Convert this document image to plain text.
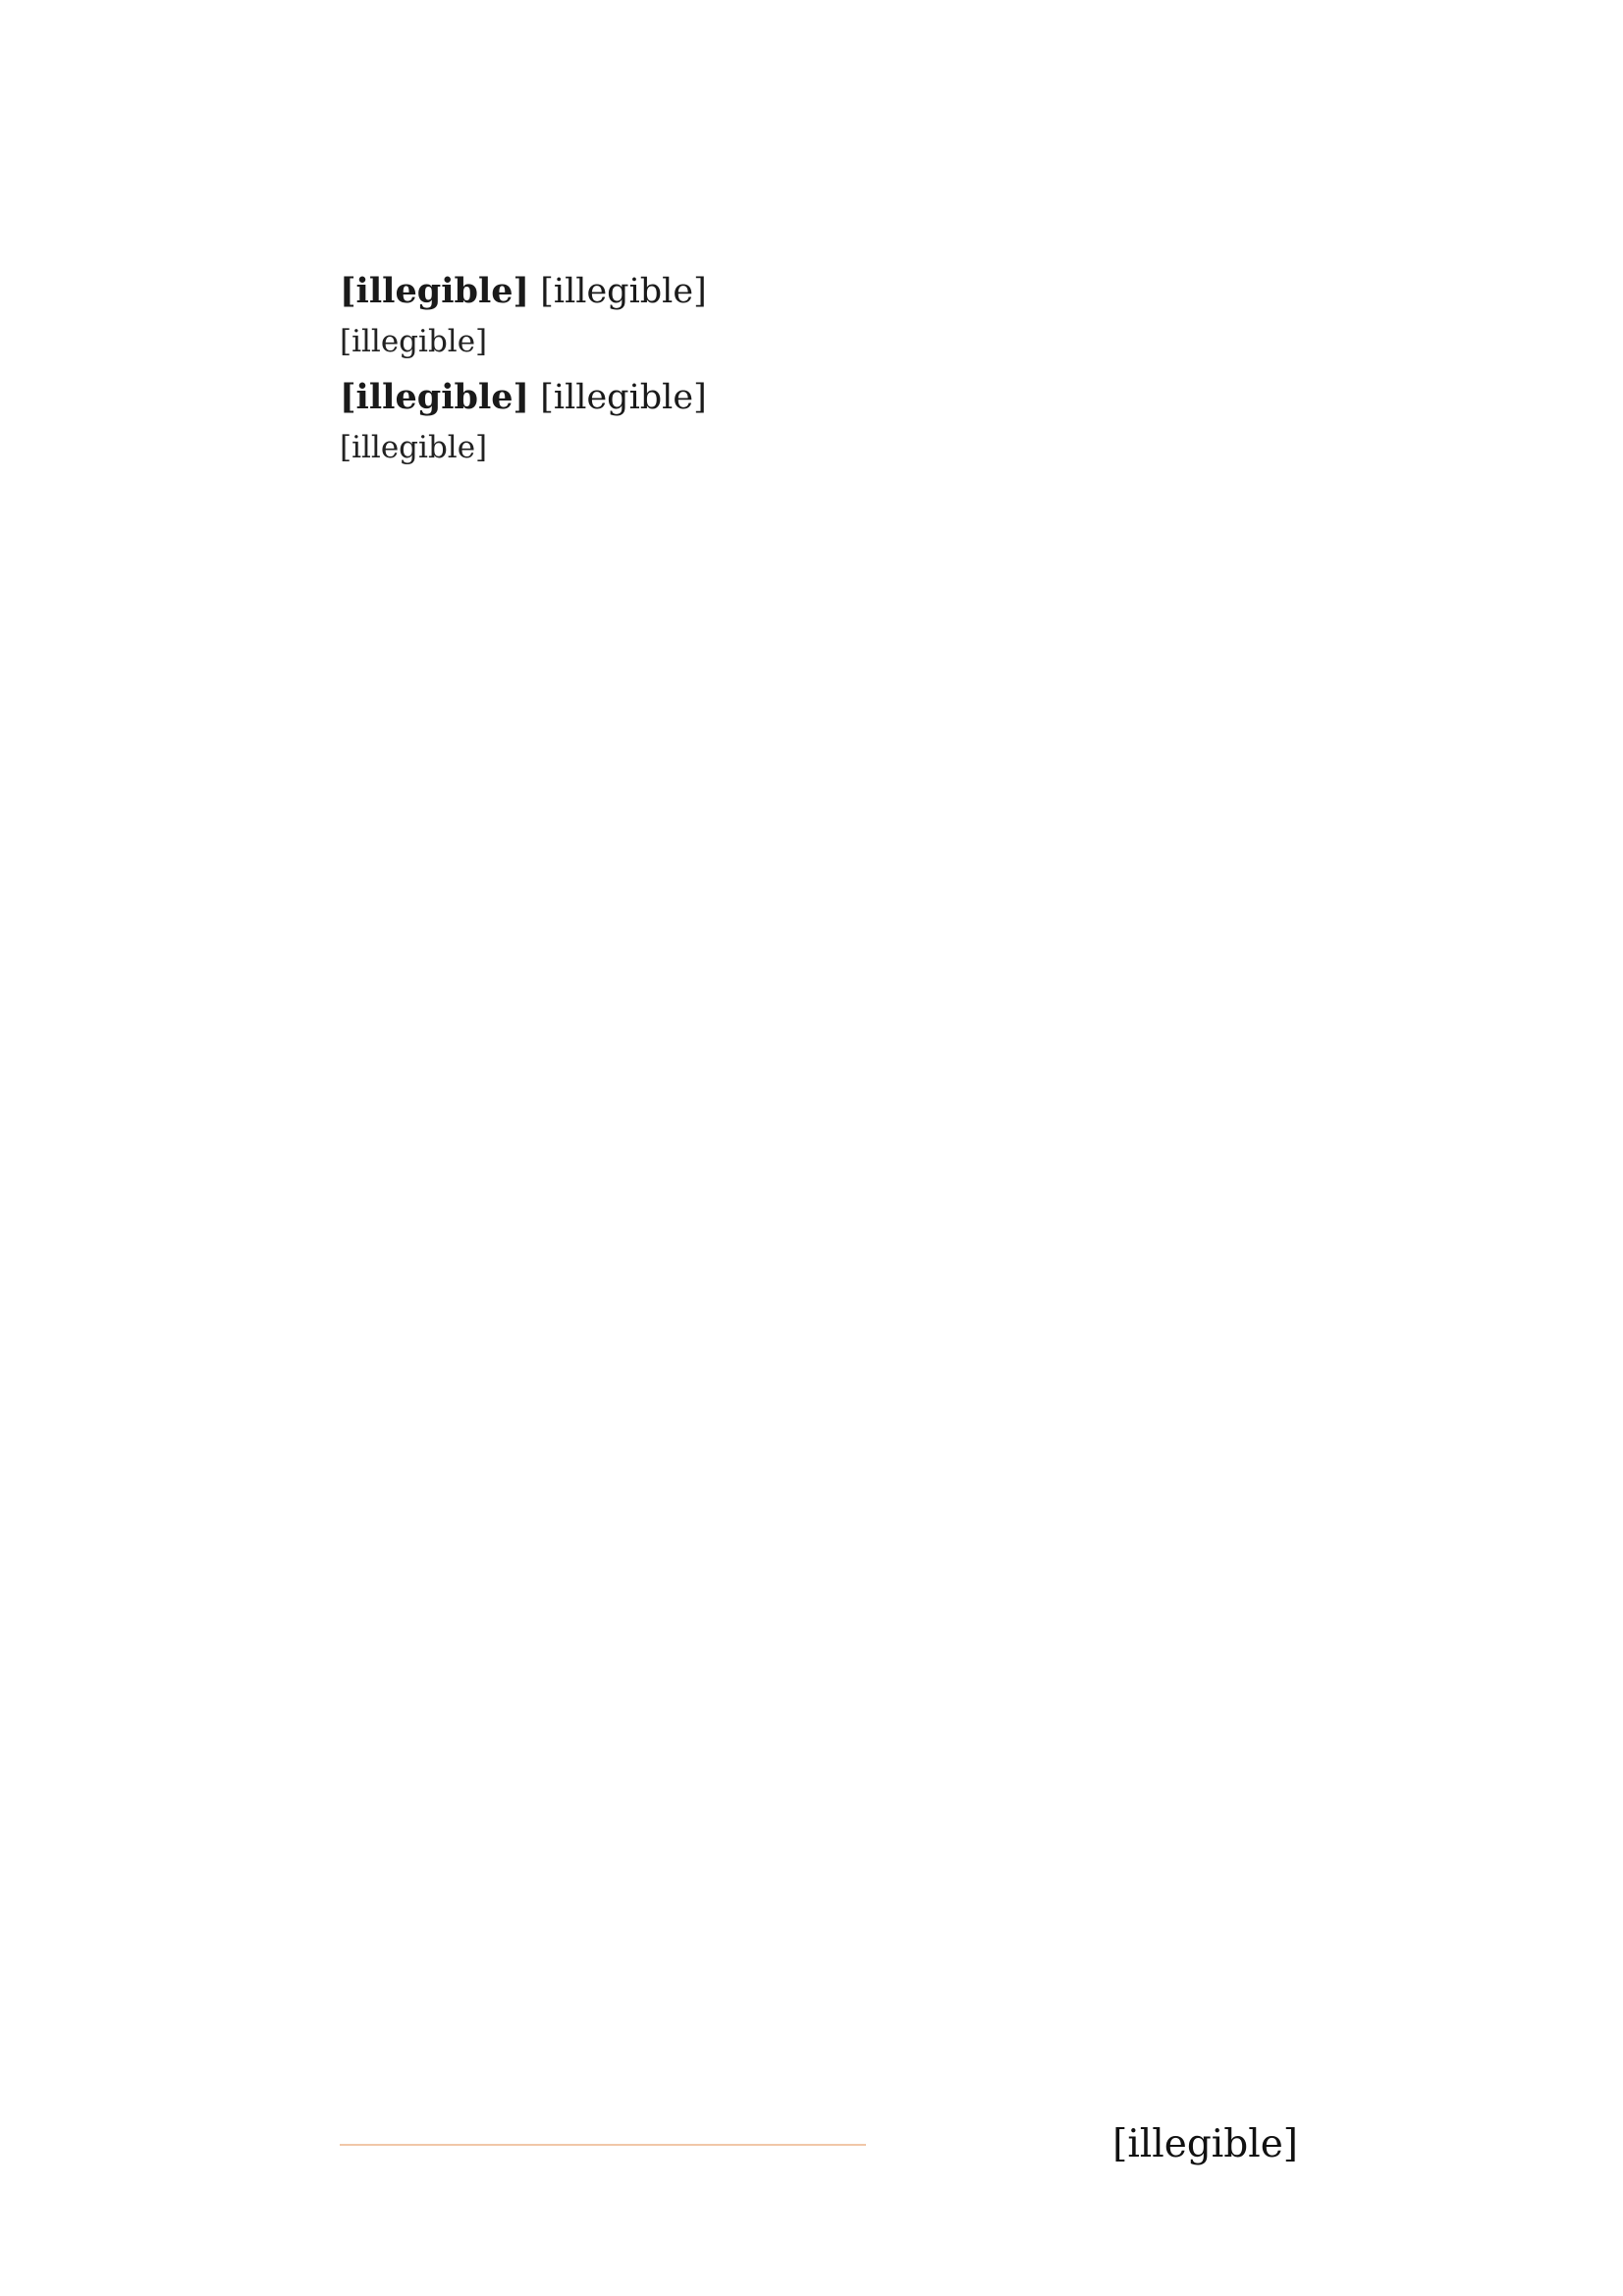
[illegible] [illegible]

[illegible]

[illegible] [illegible]

[illegible]

[illegible]
